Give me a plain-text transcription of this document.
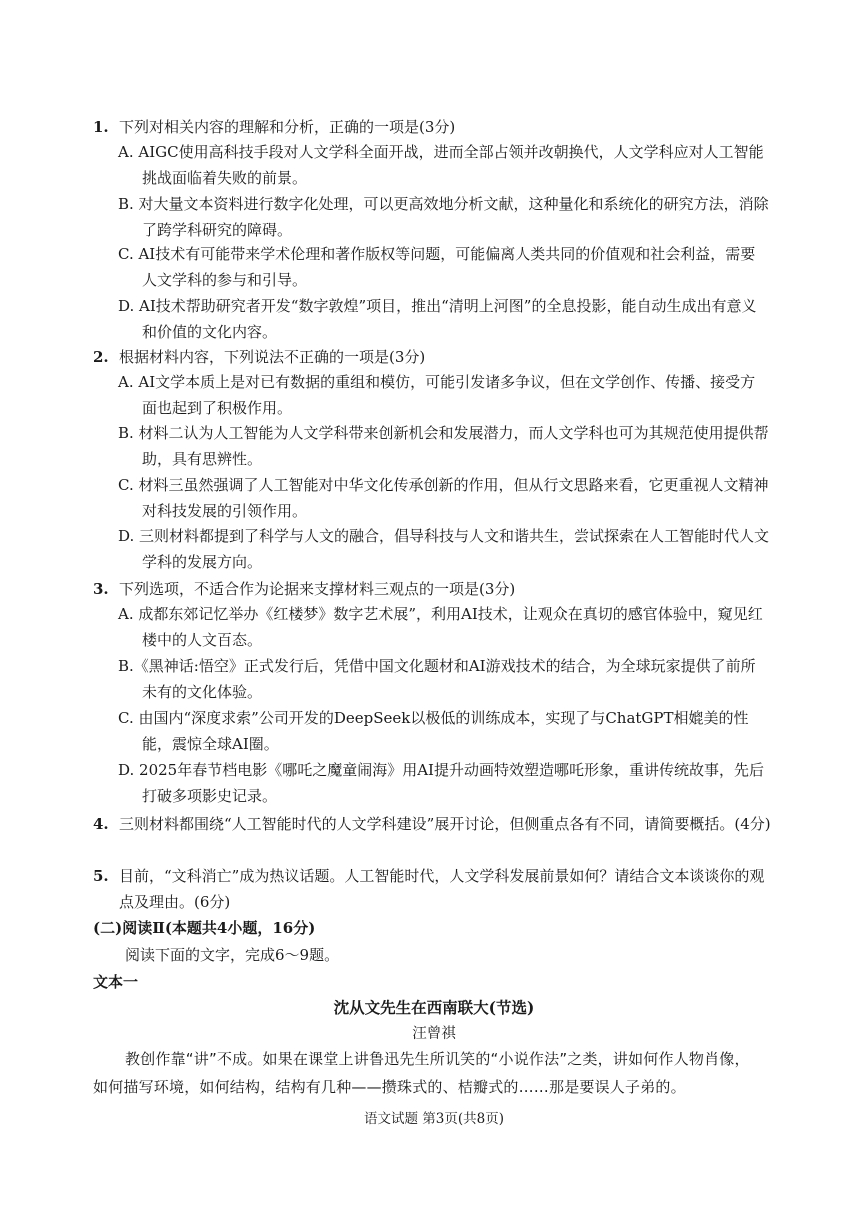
1. 下列对相关内容的理解和分析，正确的一项是(3分)
A. AIGC使用高科技手段对人文学科全面开战，进而全部占领并改朝换代，人文学科应对人工智能挑战面临着失败的前景。
B. 对大量文本资料进行数字化处理，可以更高效地分析文献，这种量化和系统化的研究方法，消除了跨学科研究的障碍。
C. AI技术有可能带来学术伦理和著作版权等问题，可能偏离人类共同的价值观和社会利益，需要人文学科的参与和引导。
D. AI技术帮助研究者开发“数字敦煌”项目，推出“清明上河图”的全息投影，能自动生成出有意义和价值的文化内容。
2. 根据材料内容，下列说法不正确的一项是(3分)
A. AI文学本质上是对已有数据的重组和模仿，可能引发诸多争议，但在文学创作、传播、接受方面也起到了积极作用。
B. 材料二认为人工智能为人文学科带来创新机会和发展潜力，而人文学科也可为其规范使用提供帮助，具有思辨性。
C. 材料三虽然强调了人工智能对中华文化传承创新的作用，但从行文思路来看，它更重视人文精神对科技发展的引领作用。
D. 三则材料都提到了科学与人文的融合，倡导科技与人文和谐共生，尝试探索在人工智能时代人文学科的发展方向。
3. 下列选项，不适合作为论据来支撑材料三观点的一项是(3分)
A. 成都东郊记忆举办《红楼梦》数字艺术展”，利用AI技术，让观众在真切的感官体验中，窥见红楼中的人文百态。
B.《黑神话:悟空》正式发行后，凭借中国文化题材和AI游戏技术的结合，为全球玩家提供了前所未有的文化体验。
C. 由国内“深度求索”公司开发的DeepSeek以极低的训练成本，实现了与ChatGPT相媲美的性能，震惊全球AI圈。
D. 2025年春节档电影《哪吒之魔童闹海》用AI提升动画特效塑造哪吒形象，重讲传统故事，先后打破多项影史记录。
4. 三则材料都围绕“人工智能时代的人文学科建设”展开讨论，但侧重点各有不同，请简要概括。(4分)
5. 目前，“文科消亡”成为热议话题。人工智能时代，人文学科发展前景如何？请结合文本谈谈你的观点及理由。(6分)
(二)阅读Ⅱ(本题共4小题，16分)
阅读下面的文字，完成6～9题。
文本一
沈从文先生在西南联大(节选)
汪曾祺
教创作靠“讲”不成。如果在课堂上讲鲁迅先生所讥笑的“小说作法”之类，讲如何作人物肖像，如何描写环境，如何结构，结构有几种——攒珠式的、桔瓣式的……那是要误人子弟的。
语文试题 第3页(共8页)
